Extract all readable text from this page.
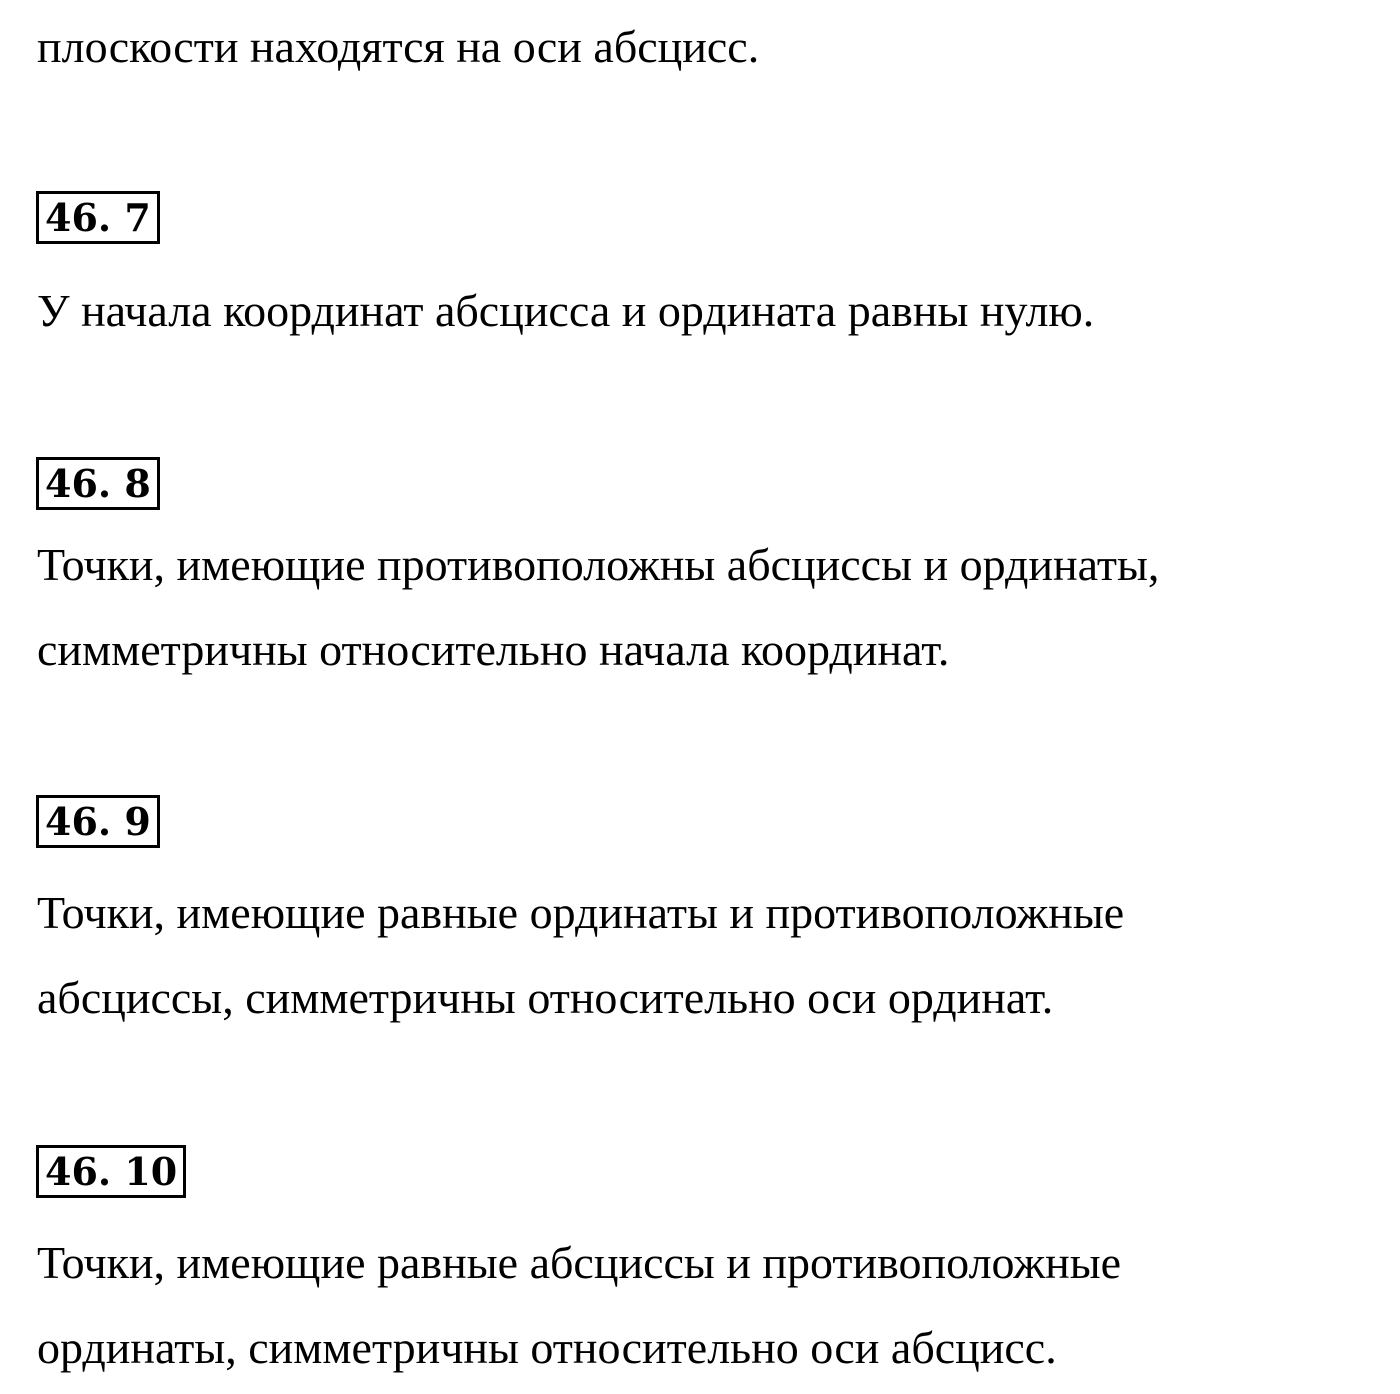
плоскости находятся на оси абсцисс.
46. 7
У начала координат абсцисса и ордината равны нулю.
46. 8
Точки, имеющие противоположны абсциссы и ординаты,
симметричны относительно начала координат.
46. 9
Точки, имеющие равные ординаты и противоположные
абсциссы, симметричны относительно оси ординат.
46. 10
Точки, имеющие равные абсциссы и противоположные
ординаты, симметричны относительно оси абсцисс.
